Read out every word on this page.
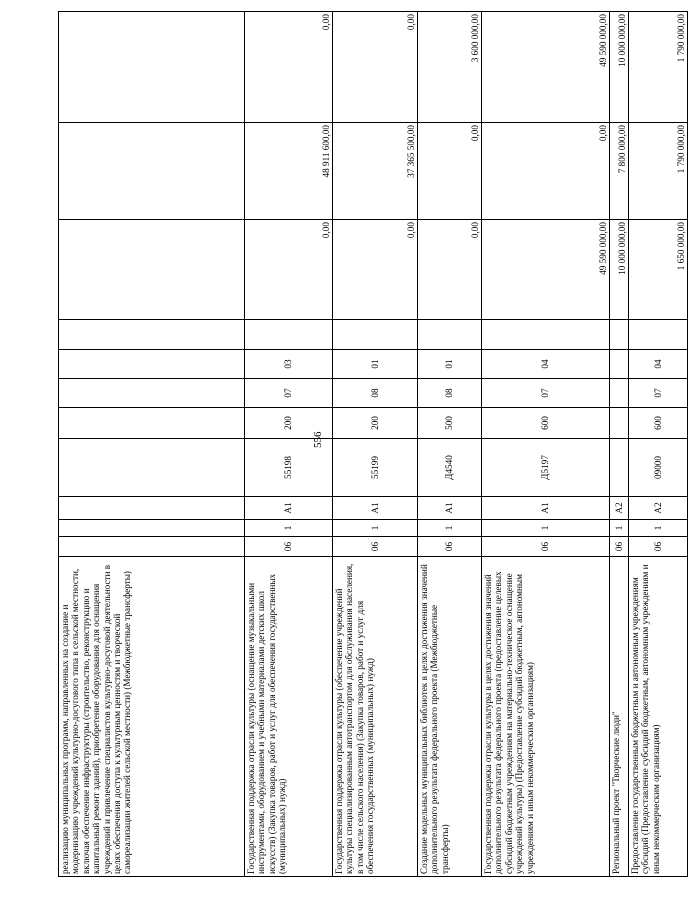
556
реализацию муниципальных программ, направленных на создание и модернизацию учреждений культурно-досугового типа в сельской местности, включая обеспечение инфраструктуры (строительство, реконструкцию и капитальный ремонт зданий), приобретение оборудования для оснащения учреждений и привлечение специалистов культурно-досуговой деятельности в целях обеспечения доступа к культурным ценностям и творческой самореализации жителей сельской местности) (Межбюджетные трансферты)											
Государственная поддержка отрасли культуры (оснащение музыкальными инструментами, оборудованием и учебными материалами детских школ искусств) (Закупка товаров, работ и услуг для обеспечения государственных (муниципальных) нужд)	06	1	А1	55198	200	07	03		0,00	48 911 600,00	0,00
Государственная поддержка отрасли культуры (обеспечение учреждений культуры специализированным автотранспортом для обслуживания населения, в том числе сельского населения) (Закупка товаров, работ и услуг для обеспечения государственных (муниципальных) нужд)	06	1	А1	55199	200	08	01		0,00	37 365 500,00	0,00
Создание модельных муниципальных библиотек в целях достижения значений дополнительного результата федерального проекта (Межбюджетные трансферты)	06	1	А1	Д4540	500	08	01		0,00	0,00	3 600 000,00
Государственная поддержка отрасли культуры в целях достижения значений дополнительного результата федерального проекта (предоставление целевых субсидий бюджетным учреждениям на материально-техническое оснащение учреждений культуры) (Предоставление субсидий бюджетным, автономным учреждениям и иным некоммерческим организациям)	06	1	А1	Д5197	600	07	04		49 590 000,00	0,00	49 590 000,00
Региональный проект "Творческие люди"	06	1	А2						10 000 000,00	7 800 000,00	10 000 000,00
Предоставление государственным бюджетным и автономным учреждениям субсидий (Предоставление субсидий бюджетным, автономным учреждениям и иным некоммерческим организациям)	06	1	А2	09000	600	07	04		1 650 000,00	1 790 000,00	1 790 000,00
